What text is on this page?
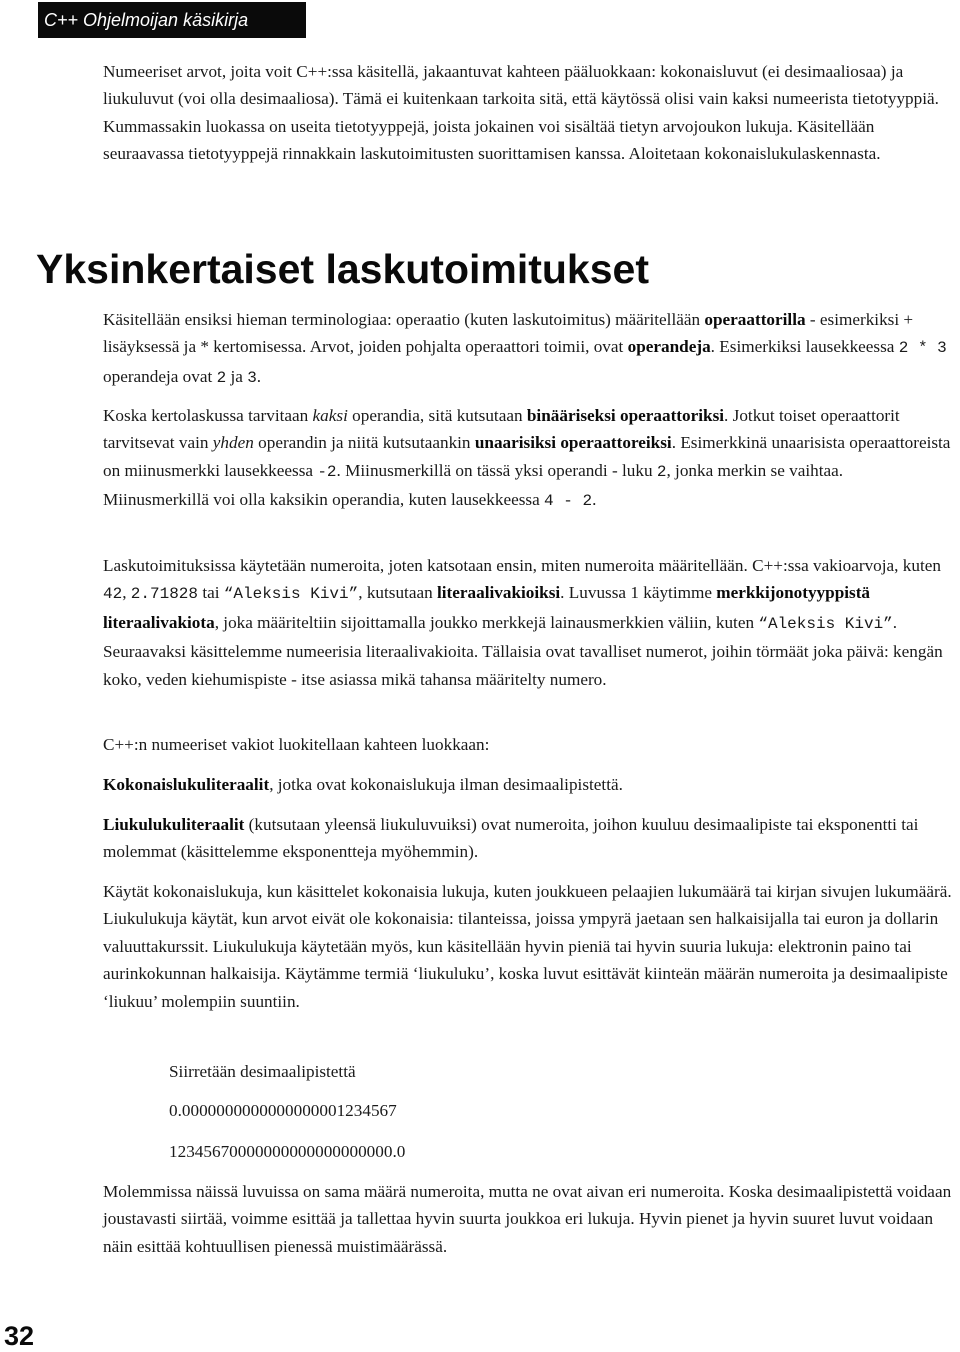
C++ Ohjelmoijan käsikirja

Numeeriset arvot, joita voit C++:ssa käsitellä, jakaantuvat kahteen pääluokkaan: kokonaisluvut (ei desimaaliosaa) ja liukuluvut (voi olla desimaaliosa). Tämä ei kuitenkaan tarkoita sitä, että käytössä olisi vain kaksi numeerista tietotyyppiä. Kummassakin luokassa on useita tietotyyppejä, joista jokainen voi sisältää tietyn arvojoukon lukuja. Käsitellään seuraavassa tietotyyppejä rinnakkain laskutoimitusten suorittamisen kanssa. Aloitetaan kokonaislukulaskennasta.

Yksinkertaiset laskutoimitukset

Käsitellään ensiksi hieman terminologiaa: operaatio (kuten laskutoimitus) määritellään operaattorilla - esimerkiksi + lisäyksessä ja * kertomisessa. Arvot, joiden pohjalta operaattori toimii, ovat operandeja. Esimerkiksi lausekkeessa 2 * 3 operandeja ovat 2 ja 3.

Koska kertolaskussa tarvitaan kaksi operandia, sitä kutsutaan binääriseksi operaattoriksi. Jotkut toiset operaattorit tarvitsevat vain yhden operandin ja niitä kutsutaankin unaarisiksi operaattoreiksi. Esimerkkinä unaarisista operaattoreista on miinusmerkki lausekkeessa -2. Miinusmerkillä on tässä yksi operandi - luku 2, jonka merkin se vaihtaa. Miinusmerkillä voi olla kaksikin operandia, kuten lausekkeessa 4 - 2.

Laskutoimituksissa käytetään numeroita, joten katsotaan ensin, miten numeroita määritellään. C++:ssa vakioarvoja, kuten 42, 2.71828 tai “Aleksis Kivi”, kutsutaan literaalivakioiksi. Luvussa 1 käytimme merkkijonotyyppistä literaalivakiota, joka määriteltiin sijoittamalla joukko merkkejä lainausmerkkien väliin, kuten “Aleksis Kivi”. Seuraavaksi käsittelemme numeerisia literaalivakioita. Tällaisia ovat tavalliset numerot, joihin törmäät joka päivä: kengän koko, veden kiehumispiste - itse asiassa mikä tahansa määritelty numero.

C++:n numeeriset vakiot luokitellaan kahteen luokkaan:

Kokonaislukuliteraalit, jotka ovat kokonaislukuja ilman desimaalipistettä.

Liukulukuliteraalit (kutsutaan yleensä liukuluvuiksi) ovat numeroita, joihon kuuluu desimaalipiste tai eksponentti tai molemmat (käsittelemme eksponentteja myöhemmin).

Käytät kokonaislukuja, kun käsittelet kokonaisia lukuja, kuten joukkueen pelaajien lukumäärä tai kirjan sivujen lukumäärä. Liukulukuja käytät, kun arvot eivät ole kokonaisia: tilanteissa, joissa ympyrä jaetaan sen halkaisijalla tai euron ja dollarin valuuttakurssit. Liukulukuja käytetään myös, kun käsitellään hyvin pieniä tai hyvin suuria lukuja: elektronin paino tai aurinkokunnan halkaisija. Käytämme termiä ‘liukuluku’, koska luvut esittävät kiinteän määrän numeroita ja desimaalipiste ‘liukuu’ molempiin suuntiin.

Siirretään desimaalipistettä

0.0000000000000000001234567

12345670000000000000000000.0

Molemmissa näissä luvuissa on sama määrä numeroita, mutta ne ovat aivan eri numeroita. Koska desimaalipistettä voidaan joustavasti siirtää, voimme esittää ja tallettaa hyvin suurta joukkoa eri lukuja. Hyvin pienet ja hyvin suuret luvut voidaan näin esittää kohtuullisen pienessä muistimäärässä.

32
